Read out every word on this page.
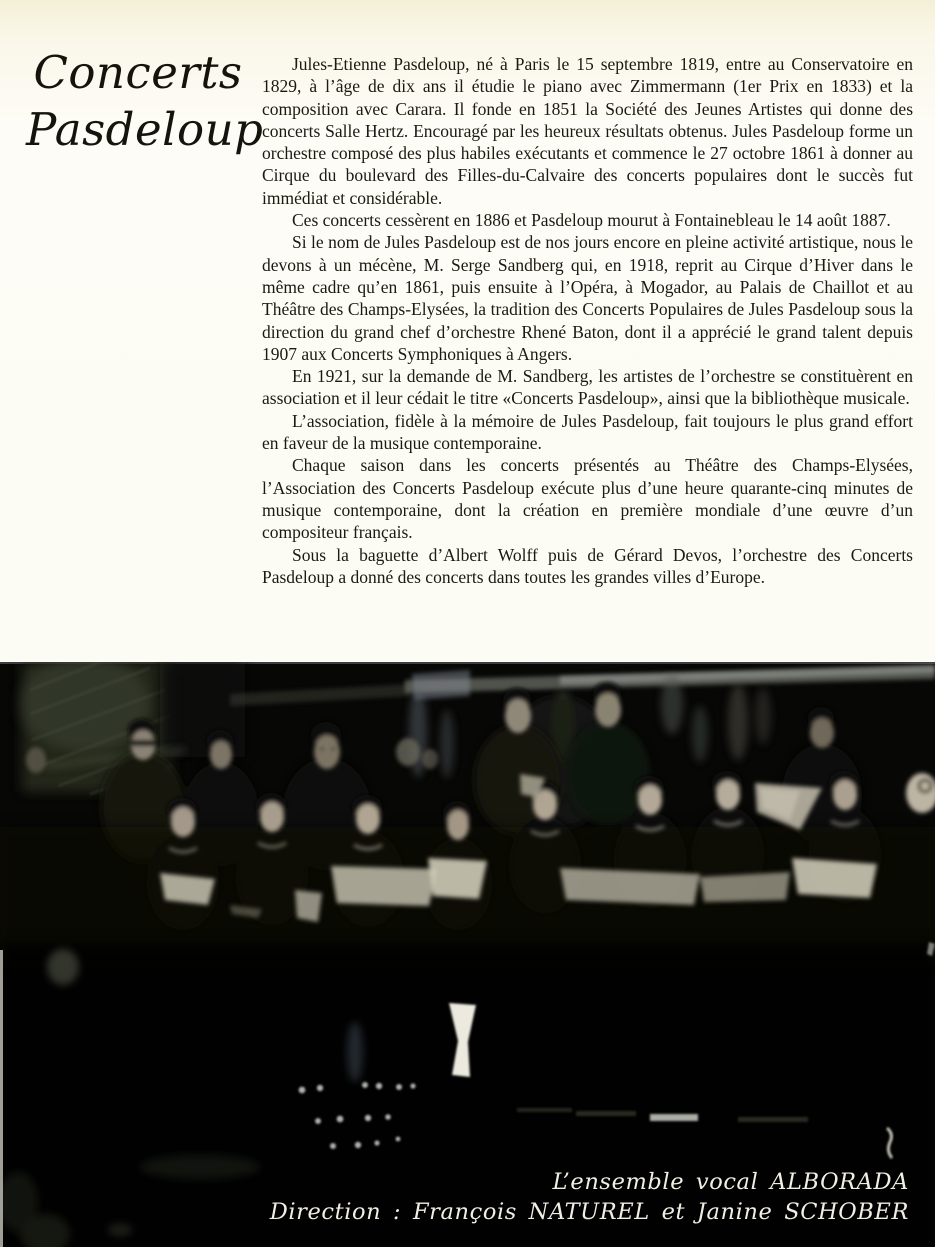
Concerts
Pasdeloup

Jules-Etienne Pasdeloup, né à Paris le 15 septembre 1819, entre au Conservatoire en 1829, à l’âge de dix ans il étudie le piano avec Zimmermann (1er Prix en 1833) et la composition avec Carara. Il fonde en 1851 la Société des Jeunes Artistes qui donne des concerts Salle Hertz. Encouragé par les heureux résultats obtenus. Jules Pasdeloup forme un orchestre composé des plus habiles exécutants et commence le 27 octobre 1861 à donner au Cirque du boulevard des Filles-du-Calvaire des concerts populaires dont le succès fut immédiat et considérable.

Ces concerts cessèrent en 1886 et Pasdeloup mourut à Fontainebleau le 14 août 1887.

Si le nom de Jules Pasdeloup est de nos jours encore en pleine activité artistique, nous le devons à un mécène, M. Serge Sandberg qui, en 1918, reprit au Cirque d’Hiver dans le même cadre qu’en 1861, puis ensuite à l’Opéra, à Mogador, au Palais de Chaillot et au Théâtre des Champs-Elysées, la tradition des Concerts Populaires de Jules Pasdeloup sous la direction du grand chef d’orchestre Rhené Baton, dont il a apprécié le grand talent depuis 1907 aux Concerts Symphoniques à Angers.

En 1921, sur la demande de M. Sandberg, les artistes de l’orchestre se constituèrent en association et il leur cédait le titre «Concerts Pasdeloup», ainsi que la bibliothèque musicale.

L’association, fidèle à la mémoire de Jules Pasdeloup, fait toujours le plus grand effort en faveur de la musique contemporaine.

Chaque saison dans les concerts présentés au Théâtre des Champs-Elysées, l’Association des Concerts Pasdeloup exécute plus d’une heure quarante-cinq minutes de musique contemporaine, dont la création en première mondiale d’une œuvre d’un compositeur français.

Sous la baguette d’Albert Wolff puis de Gérard Devos, l’orchestre des Concerts Pasdeloup a donné des concerts dans toutes les grandes villes d’Europe.

L’ensemble vocal ALBORADA
Direction : François NATUREL et Janine SCHOBER
